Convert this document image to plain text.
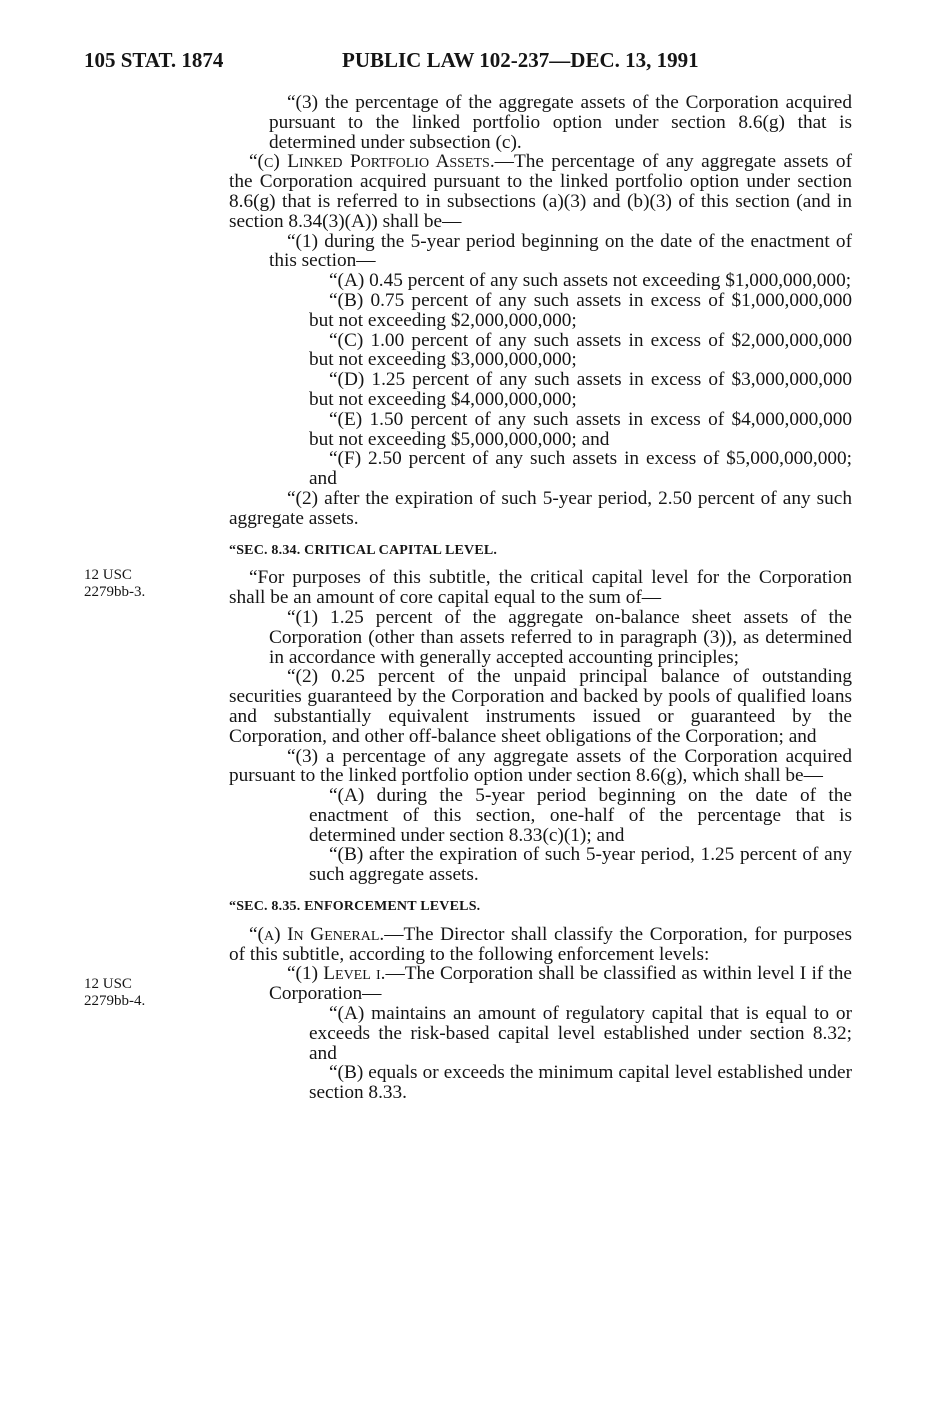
105 STAT. 1874	PUBLIC LAW 102-237—DEC. 13, 1991
12 USC
2279bb-3.
12 USC
2279bb-4.

“(3) the percentage of the aggregate assets of the Corporation acquired pursuant to the linked portfolio option under section 8.6(g) that is determined under subsection (c).

“(c) Linked Portfolio Assets.—The percentage of any aggregate assets of the Corporation acquired pursuant to the linked portfolio option under section 8.6(g) that is referred to in subsections (a)(3) and (b)(3) of this section (and in section 8.34(3)(A)) shall be—

“(1) during the 5-year period beginning on the date of the enactment of this section—

“(A) 0.45 percent of any such assets not exceeding $1,000,000,000;

“(B) 0.75 percent of any such assets in excess of $1,000,000,000 but not exceeding $2,000,000,000;

“(C) 1.00 percent of any such assets in excess of $2,000,000,000 but not exceeding $3,000,000,000;

“(D) 1.25 percent of any such assets in excess of $3,000,000,000 but not exceeding $4,000,000,000;

“(E) 1.50 percent of any such assets in excess of $4,000,000,000 but not exceeding $5,000,000,000; and

“(F) 2.50 percent of any such assets in excess of $5,000,000,000; and

“(2) after the expiration of such 5-year period, 2.50 percent of any such aggregate assets.

“SEC. 8.34. CRITICAL CAPITAL LEVEL.

“For purposes of this subtitle, the critical capital level for the Corporation shall be an amount of core capital equal to the sum of—

“(1) 1.25 percent of the aggregate on-balance sheet assets of the Corporation (other than assets referred to in paragraph (3)), as determined in accordance with generally accepted accounting principles;

“(2) 0.25 percent of the unpaid principal balance of outstanding securities guaranteed by the Corporation and backed by pools of qualified loans and substantially equivalent instruments issued or guaranteed by the Corporation, and other off-balance sheet obligations of the Corporation; and

“(3) a percentage of any aggregate assets of the Corporation acquired pursuant to the linked portfolio option under section 8.6(g), which shall be—

“(A) during the 5-year period beginning on the date of the enactment of this section, one-half of the percentage that is determined under section 8.33(c)(1); and

“(B) after the expiration of such 5-year period, 1.25 percent of any such aggregate assets.

“SEC. 8.35. ENFORCEMENT LEVELS.

“(a) In General.—The Director shall classify the Corporation, for purposes of this subtitle, according to the following enforcement levels:

“(1) Level i.—The Corporation shall be classified as within level I if the Corporation—

“(A) maintains an amount of regulatory capital that is equal to or exceeds the risk-based capital level established under section 8.32; and

“(B) equals or exceeds the minimum capital level established under section 8.33.
